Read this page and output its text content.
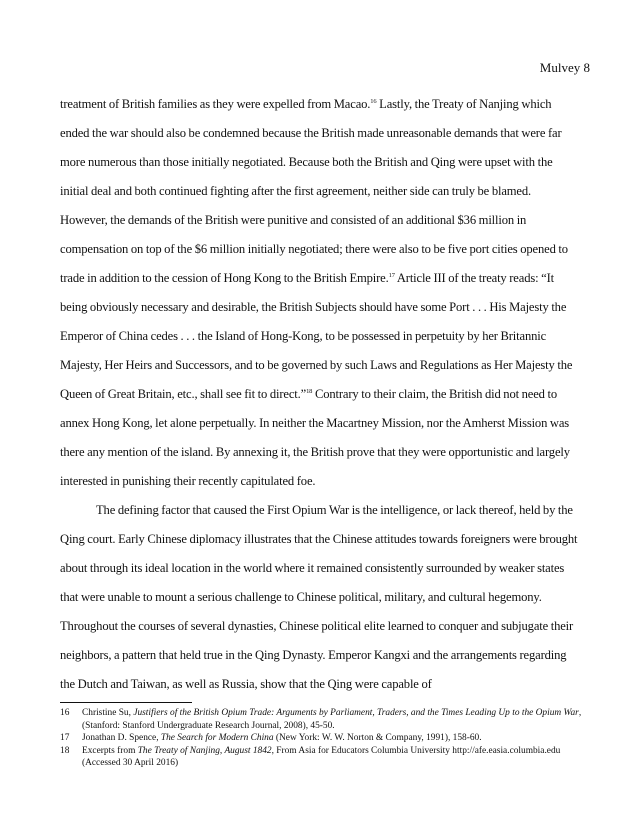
Mulvey 8

treatment of British families as they were expelled from Macao.$^{16}$ Lastly, the Treaty of Nanjing which ended the war should also be condemned because the British made unreasonable demands that were far more numerous than those initially negotiated. Because both the British and Qing were upset with the initial deal and both continued fighting after the first agreement, neither side can truly be blamed. However, the demands of the British were punitive and consisted of an additional $36 million in compensation on top of the $6 million initially negotiated; there were also to be five port cities opened to trade in addition to the cession of Hong Kong to the British Empire.$^{17}$ Article III of the treaty reads: “It being obviously necessary and desirable, the British Subjects should have some Port . . . His Majesty the Emperor of China cedes . . . the Island of Hong-Kong, to be possessed in perpetuity by her Britannic Majesty, Her Heirs and Successors, and to be governed by such Laws and Regulations as Her Majesty the Queen of Great Britain, etc., shall see fit to direct.”$^{18}$ Contrary to their claim, the British did not need to annex Hong Kong, let alone perpetually. In neither the Macartney Mission, nor the Amherst Mission was there any mention of the island. By annexing it, the British prove that they were opportunistic and largely interested in punishing their recently capitulated foe.

The defining factor that caused the First Opium War is the intelligence, or lack thereof, held by the Qing court. Early Chinese diplomacy illustrates that the Chinese attitudes towards foreigners were brought about through its ideal location in the world where it remained consistently surrounded by weaker states that were unable to mount a serious challenge to Chinese political, military, and cultural hegemony. Throughout the courses of several dynasties, Chinese political elite learned to conquer and subjugate their neighbors, a pattern that held true in the Qing Dynasty. Emperor Kangxi and the arrangements regarding the Dutch and Taiwan, as well as Russia, show that the Qing were capable of

16 Christine Su, Justifiers of the British Opium Trade: Arguments by Parliament, Traders, and the Times Leading Up to the Opium War, (Stanford: Stanford Undergraduate Research Journal, 2008), 45-50.
17 Jonathan D. Spence, The Search for Modern China (New York: W. W. Norton & Company, 1991), 158-60.
18 Excerpts from The Treaty of Nanjing, August 1842, From Asia for Educators Columbia University http://afe.easia.columbia.edu (Accessed 30 April 2016)
